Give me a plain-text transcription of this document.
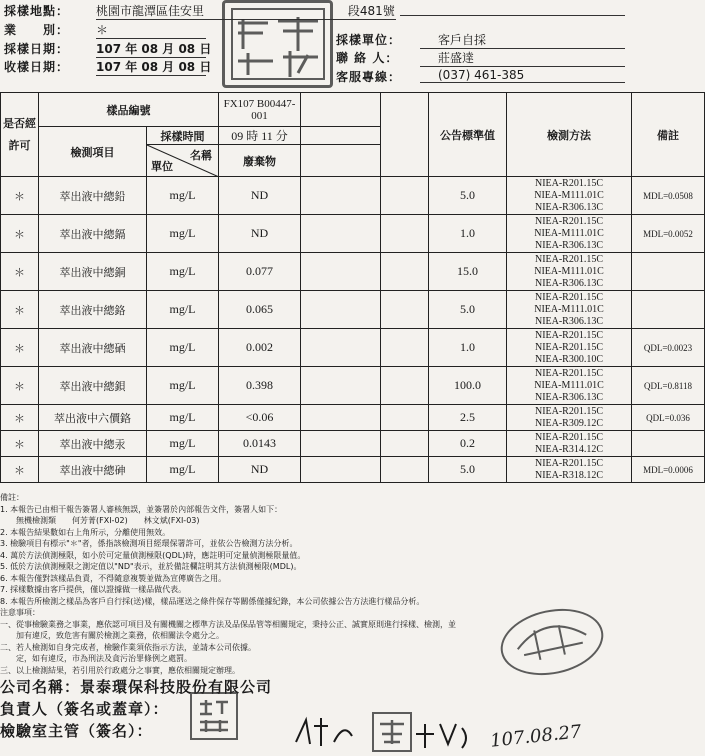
採樣地點： 桃園市龍潭區佳安里	段481號
業　　別： ＊
採樣日期： 107 年 08 月 08 日
收樣日期： 107 年 08 月 08 日
採樣單位：	客戶自採
聯 絡 人：	莊盛達
客服專線：	(037) 461-385
是否經許可	樣品編號		FX107 B00447-001			公告標準值	檢測方法	備註
	檢測項目	採樣時間	09 時 11 分					

		名稱
單位	廢棄物					
＊	萃出液中總鉛	mg/L	ND			5.0	NIEA-R201.15C
NIEA-M111.01C
NIEA-R306.13C	MDL=0.0508
＊	萃出液中總鎘	mg/L	ND			1.0	NIEA-R201.15C
NIEA-M111.01C
NIEA-R306.13C	MDL=0.0052
＊	萃出液中總銅	mg/L	0.077			15.0	NIEA-R201.15C
NIEA-M111.01C
NIEA-R306.13C	

＊	萃出液中總鉻	mg/L	0.065			5.0	NIEA-R201.15C
NIEA-M111.01C
NIEA-R306.13C	

＊	萃出液中總硒	mg/L	0.002			1.0	NIEA-R201.15C
NIEA-R201.15C
NIEA-R300.10C	QDL=0.0023
＊	萃出液中總鋇	mg/L	0.398			100.0	NIEA-R201.15C
NIEA-M111.01C
NIEA-R306.13C	QDL=0.8118
＊	萃出液中六價鉻	mg/L	<0.06			2.5	NIEA-R201.15C
NIEA-R309.12C	QDL=0.036
＊	萃出液中總汞	mg/L	0.0143			0.2	NIEA-R201.15C
NIEA-R314.12C	

＊	萃出液中總砷	mg/L	ND			5.0	NIEA-R201.15C
NIEA-R318.12C	MDL=0.0006
備註：
1. 本報告已由相干報告簽署人審核無誤，並簽署於內部報告文件，簽署人如下：
　　無機檢測類　　何芳菁(FXI-02)　　林文斌(FXI-03)
2. 本報告結果數如右上角所示，分離使用無效。
3. 檢驗項目有標示"＊"者，係指該檢測項目經環保署許可，並依公告檢測方法分析。
4. 萬於方法偵測極限，如小於可定量偵測極限(QDL)時，應註明可定量偵測極限量值。
5. 低於方法偵測極限之測定值以"ND"表示，並於備註欄註明其方法偵測極限(MDL)。
6. 本報告僅對該樣品負責，不得隨意複製並做為宣傳廣告之用。
7. 採樣數據由客戶提供，僅以證據做一樣品做代表。
8. 本報告所檢測之樣品為客戶自行採(送)樣，樣品運送之條件保存等關係僅據紀錄，本公司依據公告方法進行樣品分析。
注意事項：
一、從事檢驗業務之事業，應依認可項目及有關機關之標準方法及品保品管等相關規定，秉持公正、誠實原則進行採樣、檢測，並
　　加有違反，致危害有關於檢測之業務，依相關法令處分之。
二、若人檢測如自身完成者，檢驗作業須依指示方法，並請本公司依據。
　　定，如有違反，市為刑法及貪污治罪條例之處罰。
三、以上檢測結果，若引用於行政處分之事實，應依相關規定辦理。
公司名稱：景泰環保科技股份有限公司
負責人（簽名或蓋章）：
檢驗室主管（簽名）：	107.08.27
